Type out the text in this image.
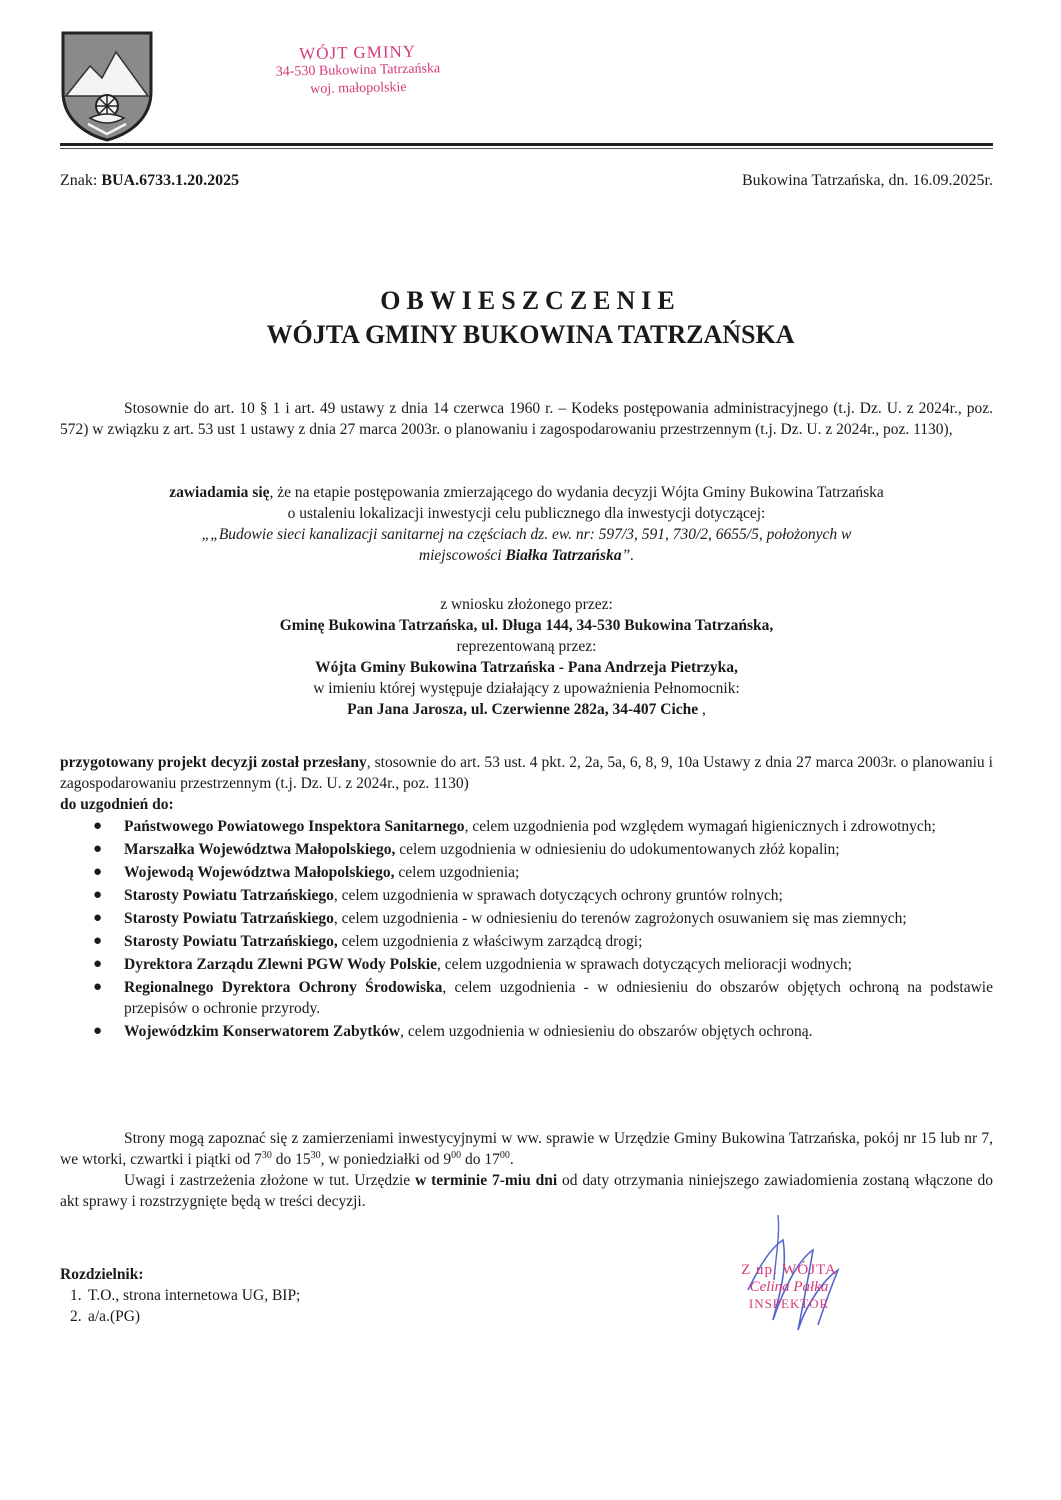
WÓJT GMINY
34-530 Bukowina Tatrzańska
woj. małopolskie
Znak: BUA.6733.1.20.2025	Bukowina Tatrzańska, dn. 16.09.2025r.
OBWIESZCZENIE
WÓJTA GMINY BUKOWINA TATRZAŃSKA
Stosownie do art. 10 § 1 i art. 49 ustawy z dnia 14 czerwca 1960 r. – Kodeks postępowania administracyjnego (t.j. Dz. U. z 2024r., poz. 572) w związku z art. 53 ust 1 ustawy z dnia 27 marca 2003r. o planowaniu i zagospodarowaniu przestrzennym (t.j. Dz. U. z 2024r., poz. 1130),
zawiadamia się, że na etapie postępowania zmierzającego do wydania decyzji Wójta Gminy Bukowina Tatrzańska
o ustaleniu lokalizacji inwestycji celu publicznego dla inwestycji dotyczącej:
„„Budowie sieci kanalizacji sanitarnej na częściach dz. ew. nr: 597/3, 591, 730/2, 6655/5, położonych w
miejscowości Białka Tatrzańska”.
z wniosku złożonego przez:
Gminę Bukowina Tatrzańska, ul. Długa 144, 34-530 Bukowina Tatrzańska,
reprezentowaną przez:
Wójta Gminy Bukowina Tatrzańska - Pana Andrzeja Pietrzyka,
w imieniu której występuje działający z upoważnienia Pełnomocnik:
Pan Jana Jarosza, ul. Czerwienne 282a, 34-407 Ciche ,
przygotowany projekt decyzji został przesłany, stosownie do art. 53 ust. 4 pkt. 2, 2a, 5a, 6, 8, 9, 10a Ustawy z dnia 27 marca 2003r. o planowaniu i zagospodarowaniu przestrzennym (t.j. Dz. U. z 2024r., poz. 1130)
do uzgodnień do:
● Państwowego Powiatowego Inspektora Sanitarnego, celem uzgodnienia pod względem wymagań higienicznych i zdrowotnych;
● Marszałka Województwa Małopolskiego, celem uzgodnienia w odniesieniu do udokumentowanych złóż kopalin;
● Wojewodą Województwa Małopolskiego, celem uzgodnienia;
● Starosty Powiatu Tatrzańskiego, celem uzgodnienia w sprawach dotyczących ochrony gruntów rolnych;
● Starosty Powiatu Tatrzańskiego, celem uzgodnienia - w odniesieniu do terenów zagrożonych osuwaniem się mas ziemnych;
● Starosty Powiatu Tatrzańskiego, celem uzgodnienia z właściwym zarządcą drogi;
● Dyrektora Zarządu Zlewni PGW Wody Polskie, celem uzgodnienia w sprawach dotyczących melioracji wodnych;
● Regionalnego Dyrektora Ochrony Środowiska, celem uzgodnienia - w odniesieniu do obszarów objętych ochroną na podstawie przepisów o ochronie przyrody.
● Wojewódzkim Konserwatorem Zabytków, celem uzgodnienia w odniesieniu do obszarów objętych ochroną.
Strony mogą zapoznać się z zamierzeniami inwestycyjnymi w ww. sprawie w Urzędzie Gminy Bukowina Tatrzańska, pokój nr 15 lub nr 7, we wtorki, czwartki i piątki od $7^{30}$ do $15^{30}$, w poniedziałki od $9^{00}$ do $17^{00}$.
Uwagi i zastrzeżenia złożone w tut. Urzędzie w terminie 7-miu dni od daty otrzymania niniejszego zawiadomienia zostaną włączone do akt sprawy i rozstrzygnięte będą w treści decyzji.
Rozdzielnik:
1. T.O., strona internetowa UG, BIP;
2. a/a.(PG)
Z up. WÓJTA
Celina Pałka
INSPEKTOR
